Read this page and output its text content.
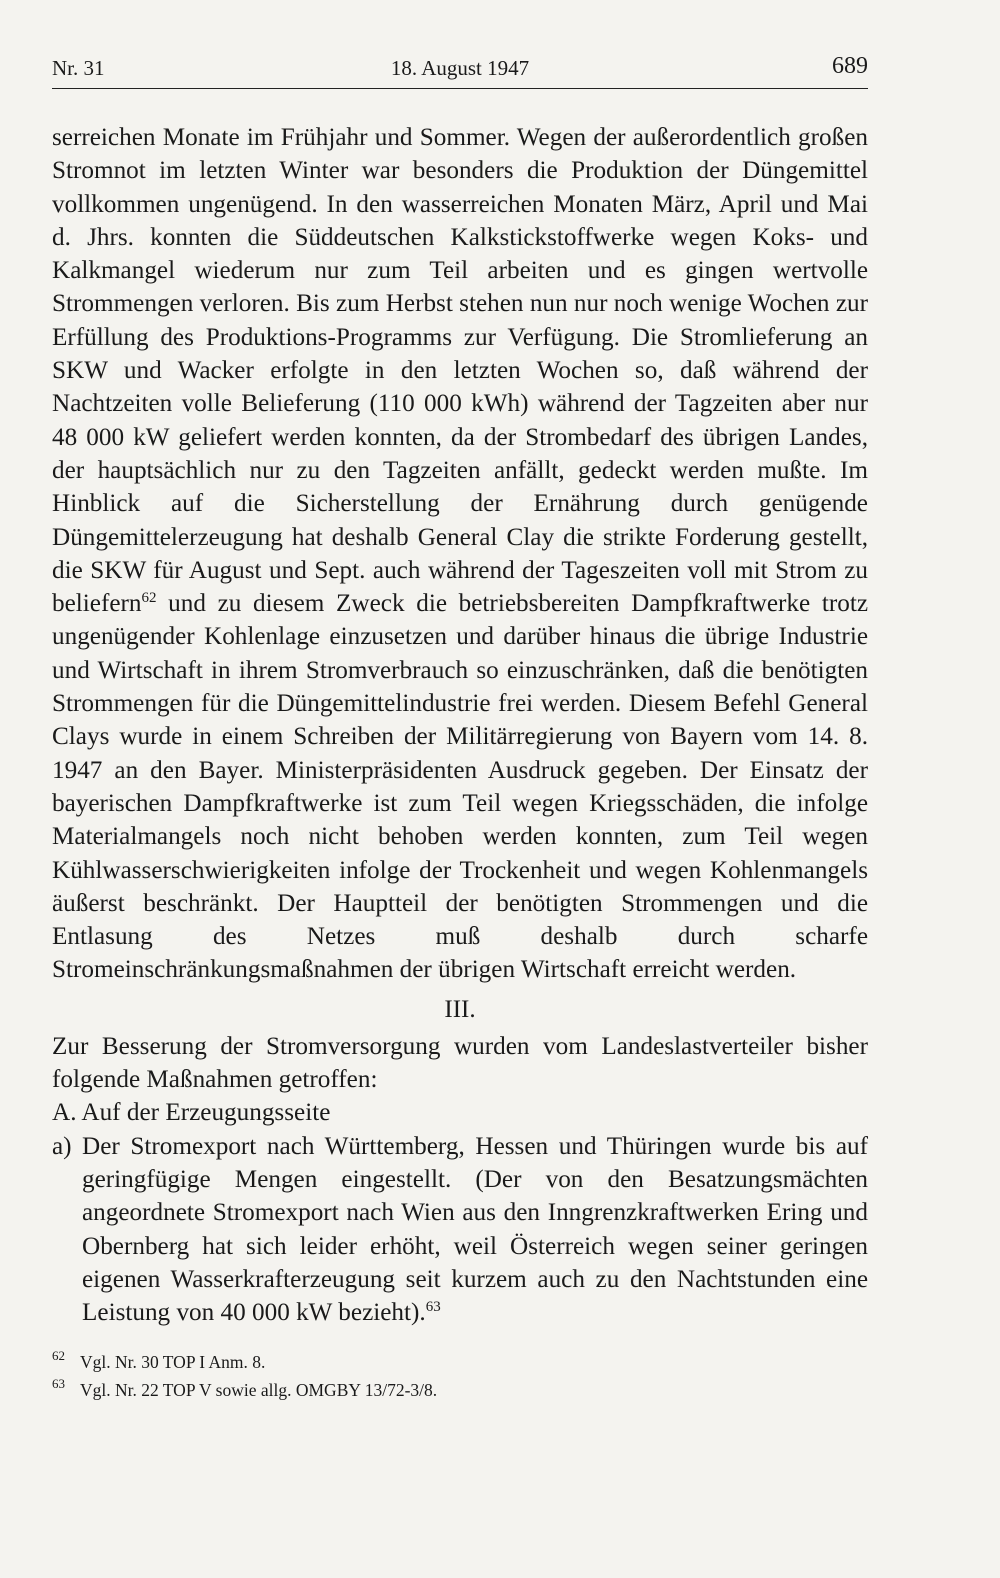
Nr. 31	18. August 1947	689

serreichen Monate im Frühjahr und Sommer. Wegen der außerordentlich großen Stromnot im letzten Winter war besonders die Produktion der Düngemittel vollkommen ungenügend. In den wasserreichen Monaten März, April und Mai d. Jhrs. konnten die Süddeutschen Kalkstickstoffwerke wegen Koks- und Kalkmangel wiederum nur zum Teil arbeiten und es gingen wertvolle Strommengen verloren. Bis zum Herbst stehen nun nur noch wenige Wochen zur Erfüllung des Produktions-Programms zur Verfügung. Die Stromlieferung an SKW und Wacker erfolgte in den letzten Wochen so, daß während der Nachtzeiten volle Belieferung (110 000 kWh) während der Tagzeiten aber nur 48 000 kW geliefert werden konnten, da der Strombedarf des übrigen Landes, der hauptsächlich nur zu den Tagzeiten anfällt, gedeckt werden mußte. Im Hinblick auf die Sicherstellung der Ernährung durch genügende Düngemittelerzeugung hat deshalb General Clay die strikte Forderung gestellt, die SKW für August und Sept. auch während der Tageszeiten voll mit Strom zu beliefern$^{62}$ und zu diesem Zweck die betriebsbereiten Dampfkraftwerke trotz ungenügender Kohlenlage einzusetzen und darüber hinaus die übrige Industrie und Wirtschaft in ihrem Stromverbrauch so einzuschränken, daß die benötigten Strommengen für die Düngemittelindustrie frei werden. Diesem Befehl General Clays wurde in einem Schreiben der Militärregierung von Bayern vom 14. 8. 1947 an den Bayer. Ministerpräsidenten Ausdruck gegeben. Der Einsatz der bayerischen Dampfkraftwerke ist zum Teil wegen Kriegsschäden, die infolge Materialmangels noch nicht behoben werden konnten, zum Teil wegen Kühlwasserschwierigkeiten infolge der Trockenheit und wegen Kohlenmangels äußerst beschränkt. Der Hauptteil der benötigten Strommengen und die Entlasung des Netzes muß deshalb durch scharfe Stromeinschränkungsmaßnahmen der übrigen Wirtschaft erreicht werden.

III.

Zur Besserung der Stromversorgung wurden vom Landeslastverteiler bisher folgende Maßnahmen getroffen:

A. Auf der Erzeugungsseite

a) Der Stromexport nach Württemberg, Hessen und Thüringen wurde bis auf geringfügige Mengen eingestellt. (Der von den Besatzungsmächten angeordnete Stromexport nach Wien aus den Inngrenzkraftwerken Ering und Obernberg hat sich leider erhöht, weil Österreich wegen seiner geringen eigenen Wasserkrafterzeugung seit kurzem auch zu den Nachtstunden eine Leistung von 40 000 kW bezieht).$^{63}$
62 Vgl. Nr. 30 TOP I Anm. 8.
63 Vgl. Nr. 22 TOP V sowie allg. OMGBY 13/72-3/8.
